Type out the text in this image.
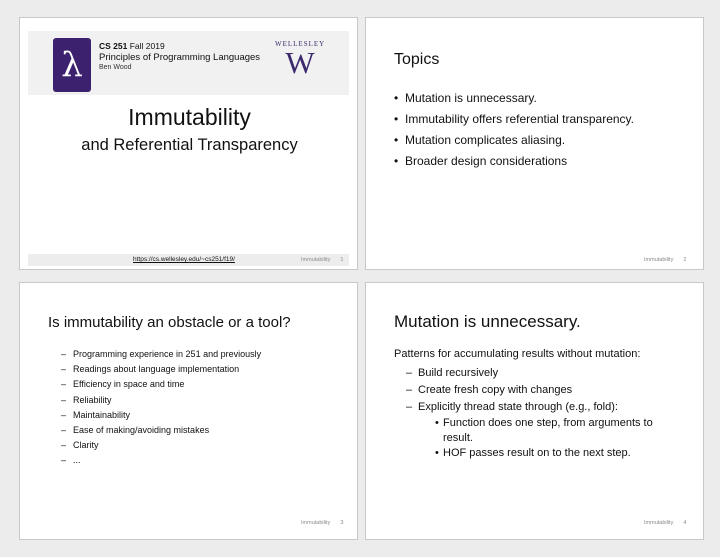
λ CS 251 Fall 2019
Principles of Programming Languages
Ben Wood
WELLESLEY
W
Immutability
and Referential Transparency
https://cs.wellesley.edu/~cs251/f19/	Immutability 1
Topics
• Mutation is unnecessary.
• Immutability offers referential transparency.
• Mutation complicates aliasing.
• Broader design considerations
Immutability 2
Is immutability an obstacle or a tool?
– Programming experience in 251 and previously
– Readings about language implementation
– Efficiency in space and time
– Reliability
– Maintainability
– Ease of making/avoiding mistakes
– Clarity
– ...
Immutability 3
Mutation is unnecessary.
Patterns for accumulating results without mutation:
– Build recursively
– Create fresh copy with changes
– Explicitly thread state through (e.g., fold):
• Function does one step, from arguments to result.
• HOF passes result on to the next step.
Immutability 4
